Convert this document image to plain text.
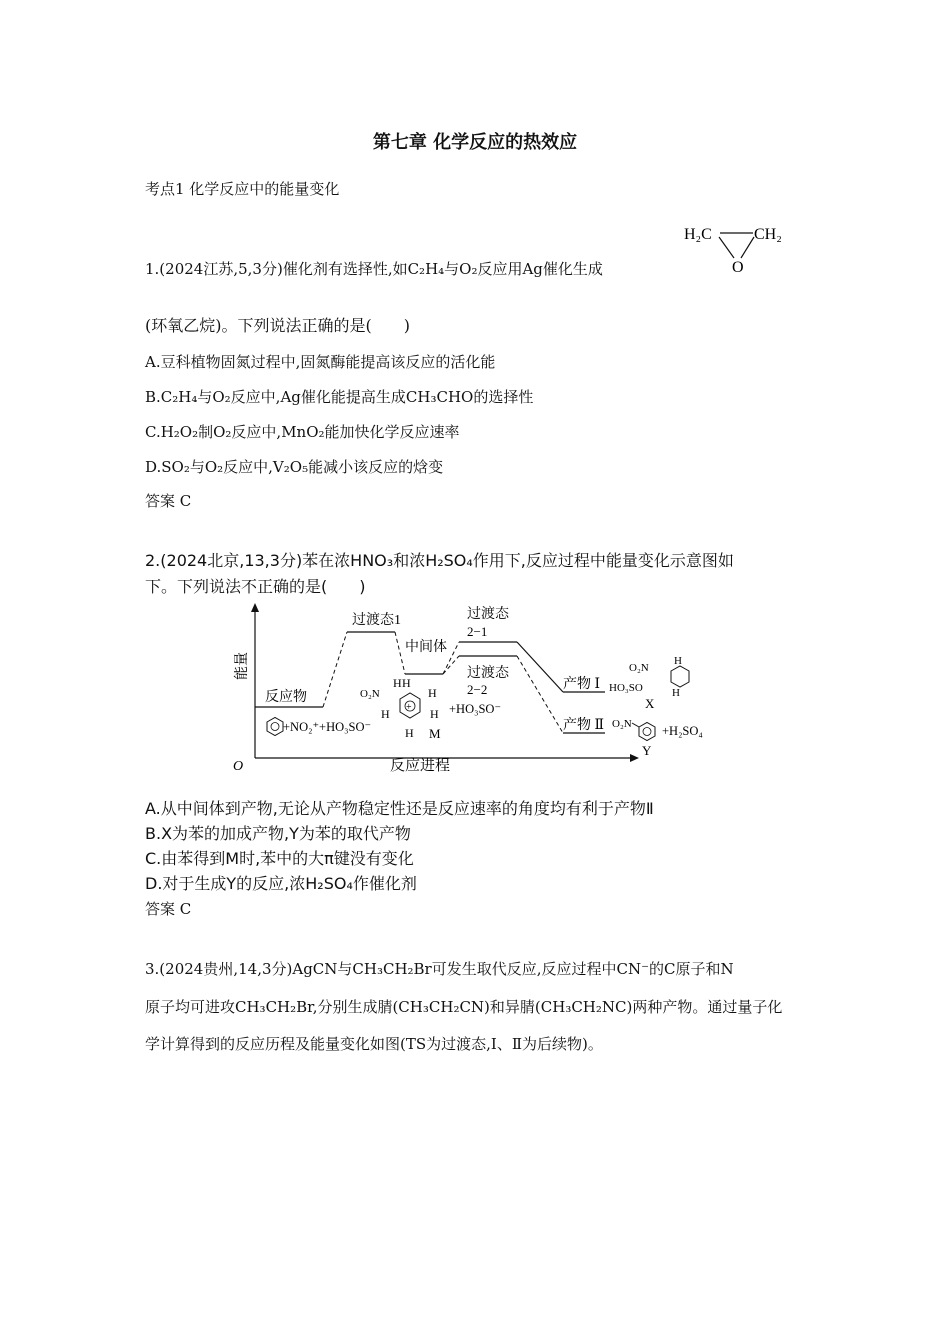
第七章 化学反应的热效应
考点1 化学反应中的能量变化
1.(2024江苏,5,3分)催化剂有选择性,如C₂H₄与O₂反应用Ag催化生成
H₂C	CH₂
O
(环氧乙烷)。下列说法正确的是(　　)
A.豆科植物固氮过程中,固氮酶能提高该反应的活化能
B.C₂H₄与O₂反应中,Ag催化能提高生成CH₃CHO的选择性
C.H₂O₂制O₂反应中,MnO₂能加快化学反应速率
D.SO₂与O₂反应中,V₂O₅能减小该反应的焓变
答案 C
2.(2024北京,13,3分)苯在浓HNO₃和浓H₂SO₄作用下,反应过程中能量变化示意图如
下。下列说法不正确的是(　　)
O
能量
反应进程
反应物
过渡态1
中间体
过渡态
2−1
过渡态
2−2	产物 Ⅰ
产物 Ⅱ
+NO₂⁺+HO₃SO⁻
O₂N
H H
H
H	H
H
+
M
+HO₃SO⁻
O₂N
HO₃SO
H
H
X
O₂N
Y
+H₂SO₄
A.从中间体到产物,无论从产物稳定性还是反应速率的角度均有利于产物Ⅱ
B.X为苯的加成产物,Y为苯的取代产物
C.由苯得到M时,苯中的大π键没有变化
D.对于生成Y的反应,浓H₂SO₄作催化剂
答案 C
3.(2024贵州,14,3分)AgCN与CH₃CH₂Br可发生取代反应,反应过程中CN⁻的C原子和N
原子均可进攻CH₃CH₂Br,分别生成腈(CH₃CH₂CN)和异腈(CH₃CH₂NC)两种产物。通过量子化
学计算得到的反应历程及能量变化如图(TS为过渡态,Ⅰ、Ⅱ为后续物)。
